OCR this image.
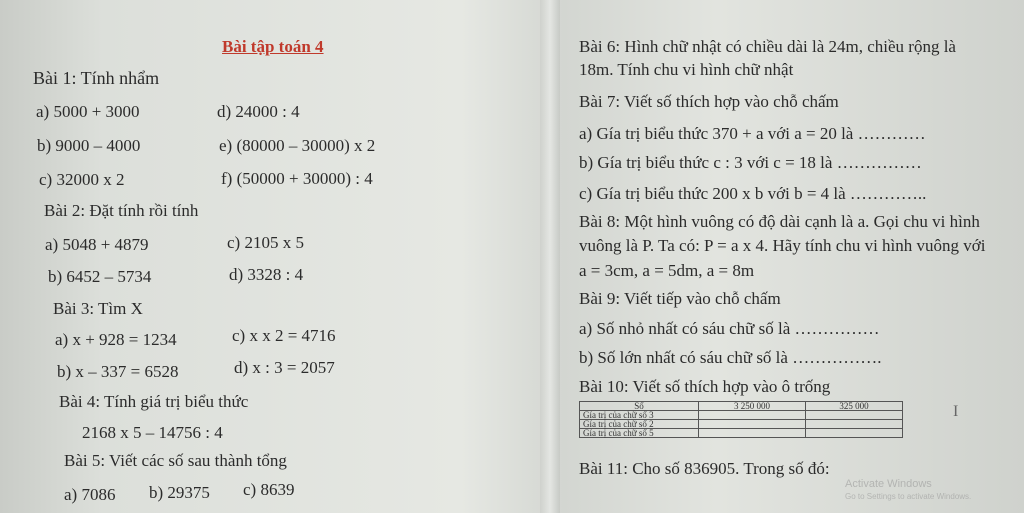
Bài tập toán 4
Bài 1: Tính nhẩm
a) 5000 + 3000	d) 24000 : 4
b) 9000 – 4000	e) (80000 – 30000) x 2
c) 32000 x 2	f) (50000 + 30000) : 4
Bài 2: Đặt tính rồi tính
a) 5048 + 4879	c) 2105 x 5
b) 6452 – 5734	d) 3328 : 4
Bài 3: Tìm X
a) x + 928 = 1234	c) x x 2 = 4716
b) x – 337 = 6528	d) x : 3 = 2057
Bài 4: Tính giá trị biểu thức
2168 x 5 – 14756 : 4
Bài 5: Viết các số sau thành tổng
a) 7086 b) 29375 c) 8639
Bài 6: Hình chữ nhật có chiều dài là 24m, chiều rộng là
18m. Tính chu vi hình chữ nhật
Bài 7: Viết số thích hợp vào chỗ chấm
a) Gía trị biểu thức 370 + a với a = 20 là …………
b) Gía trị biểu thức c : 3 với c = 18 là ……………
c) Gía trị biểu thức 200 x b với b = 4 là …………..
Bài 8: Một hình vuông có độ dài cạnh là a. Gọi chu vi hình
vuông là P. Ta có: P = a x 4. Hãy tính chu vi hình vuông với
a = 3cm, a = 5dm, a = 8m
Bài 9: Viết tiếp vào chỗ chấm
a) Số nhỏ nhất có sáu chữ số là ……………
b) Số lớn nhất có sáu chữ số là …………….
Bài 10: Viết số thích hợp vào ô trống
Số	3 250 000	325 000
Gía trị của chữ số 3		
Gía trị của chữ số 2		
Gía trị của chữ số 5		
Bài 11: Cho số 836905. Trong số đó:
I
Activate Windows
Go to Settings to activate Windows.
